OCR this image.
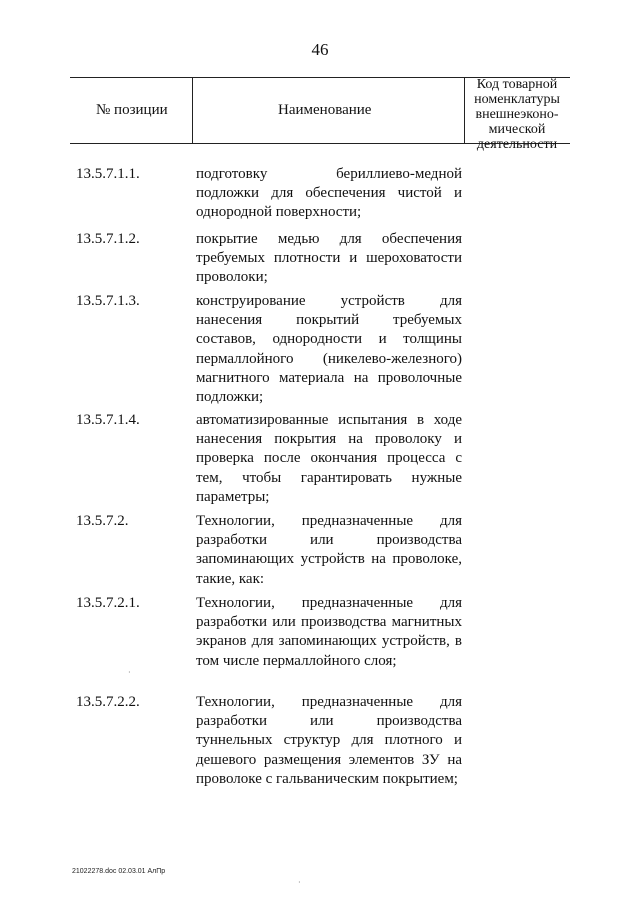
46
№ позиции	Наименование
Код товарной
номенклатуры
внешнеэконо-
мической
деятельности
13.5.7.1.1.	подготовку бериллиево-медной подложки для обеспечения чистой и однородной поверхности;
13.5.7.1.2.	покрытие медью для обеспечения требуемых плотности и шероховатости проволоки;
13.5.7.1.3.	конструирование устройств для нанесения покрытий требуемых составов, однородности и толщины пермаллойного (никелево-железного) магнитного материала на проволочные подложки;
13.5.7.1.4.	автоматизированные испытания в ходе нанесения покрытия на проволоку и проверка после окончания процесса с тем, чтобы гарантировать нужные параметры;
13.5.7.2.	Технологии, предназначенные для разработки или производства запоминающих устройств на проволоке, такие, как:
13.5.7.2.1.	Технологии, предназначенные для разработки или производства магнитных экранов для запоминающих устройств, в том числе пермаллойного слоя;
13.5.7.2.2.	Технологии, предназначенные для разработки или производства туннельных структур для плотного и дешевого размещения элементов ЗУ на проволоке с гальваническим покрытием;
·
·
21022278.doc 02.03.01 АлПр
